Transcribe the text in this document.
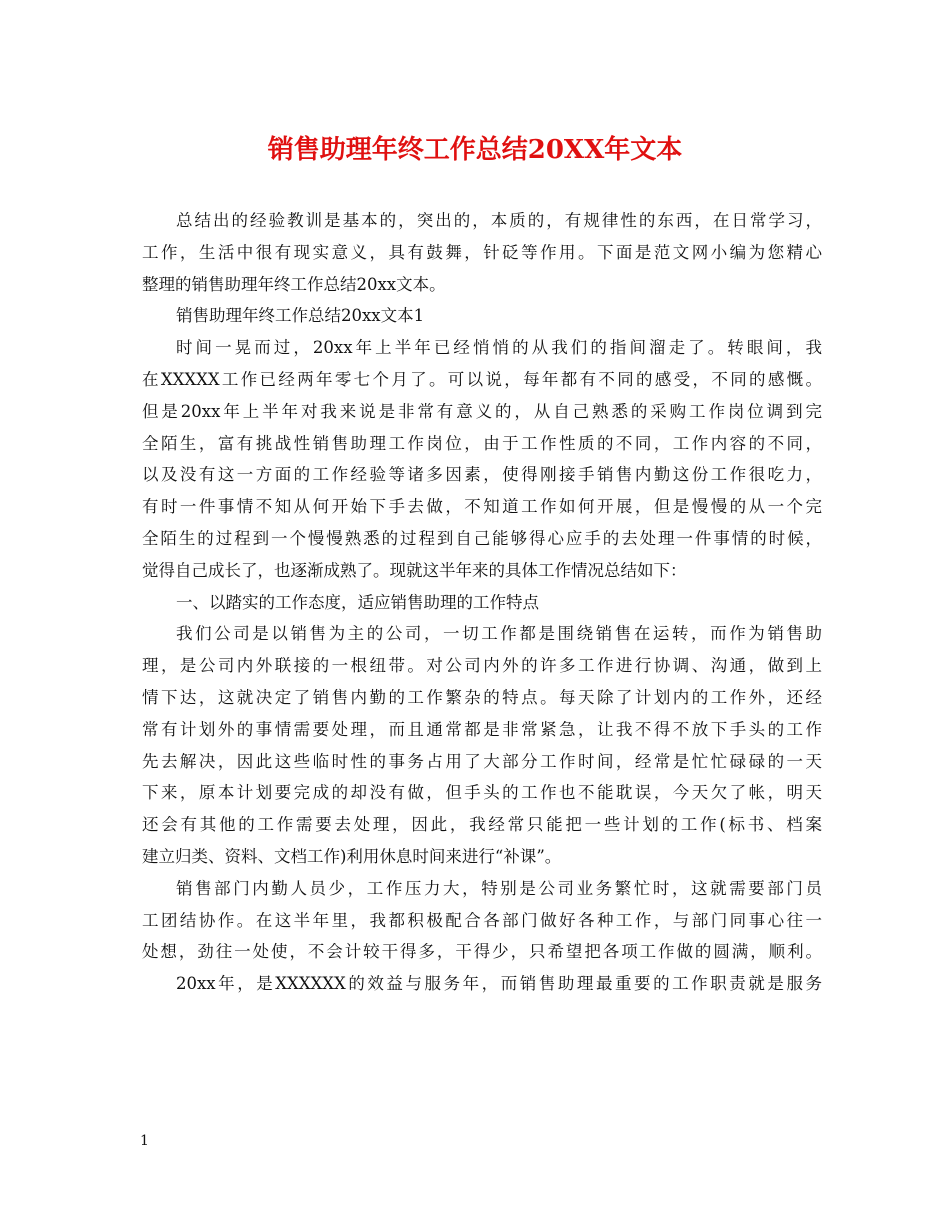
销售助理年终工作总结20XX年文本
总结出的经验教训是基本的，突出的，本质的，有规律性的东西，在日常学习，
工作，生活中很有现实意义，具有鼓舞，针砭等作用。下面是范文网小编为您精心
整理的销售助理年终工作总结20xx文本。
销售助理年终工作总结20xx文本1
时间一晃而过，20xx年上半年已经悄悄的从我们的指间溜走了。转眼间，我
在XXXXX工作已经两年零七个月了。可以说，每年都有不同的感受，不同的感慨。
但是20xx年上半年对我来说是非常有意义的，从自己熟悉的采购工作岗位调到完
全陌生，富有挑战性销售助理工作岗位，由于工作性质的不同，工作内容的不同，
以及没有这一方面的工作经验等诸多因素，使得刚接手销售内勤这份工作很吃力，
有时一件事情不知从何开始下手去做，不知道工作如何开展，但是慢慢的从一个完
全陌生的过程到一个慢慢熟悉的过程到自己能够得心应手的去处理一件事情的时候，
觉得自己成长了，也逐渐成熟了。现就这半年来的具体工作情况总结如下：
一、以踏实的工作态度，适应销售助理的工作特点
我们公司是以销售为主的公司，一切工作都是围绕销售在运转，而作为销售助
理，是公司内外联接的一根纽带。对公司内外的许多工作进行协调、沟通，做到上
情下达，这就决定了销售内勤的工作繁杂的特点。每天除了计划内的工作外，还经
常有计划外的事情需要处理，而且通常都是非常紧急，让我不得不放下手头的工作
先去解决，因此这些临时性的事务占用了大部分工作时间，经常是忙忙碌碌的一天
下来，原本计划要完成的却没有做，但手头的工作也不能耽误，今天欠了帐，明天
还会有其他的工作需要去处理，因此，我经常只能把一些计划的工作(标书、档案
建立归类、资料、文档工作)利用休息时间来进行“补课”。
销售部门内勤人员少，工作压力大，特别是公司业务繁忙时，这就需要部门员
工团结协作。在这半年里，我都积极配合各部门做好各种工作，与部门同事心往一
处想，劲往一处使，不会计较干得多，干得少，只希望把各项工作做的圆满，顺利。
20xx年，是XXXXXX的效益与服务年，而销售助理最重要的工作职责就是服务
1
